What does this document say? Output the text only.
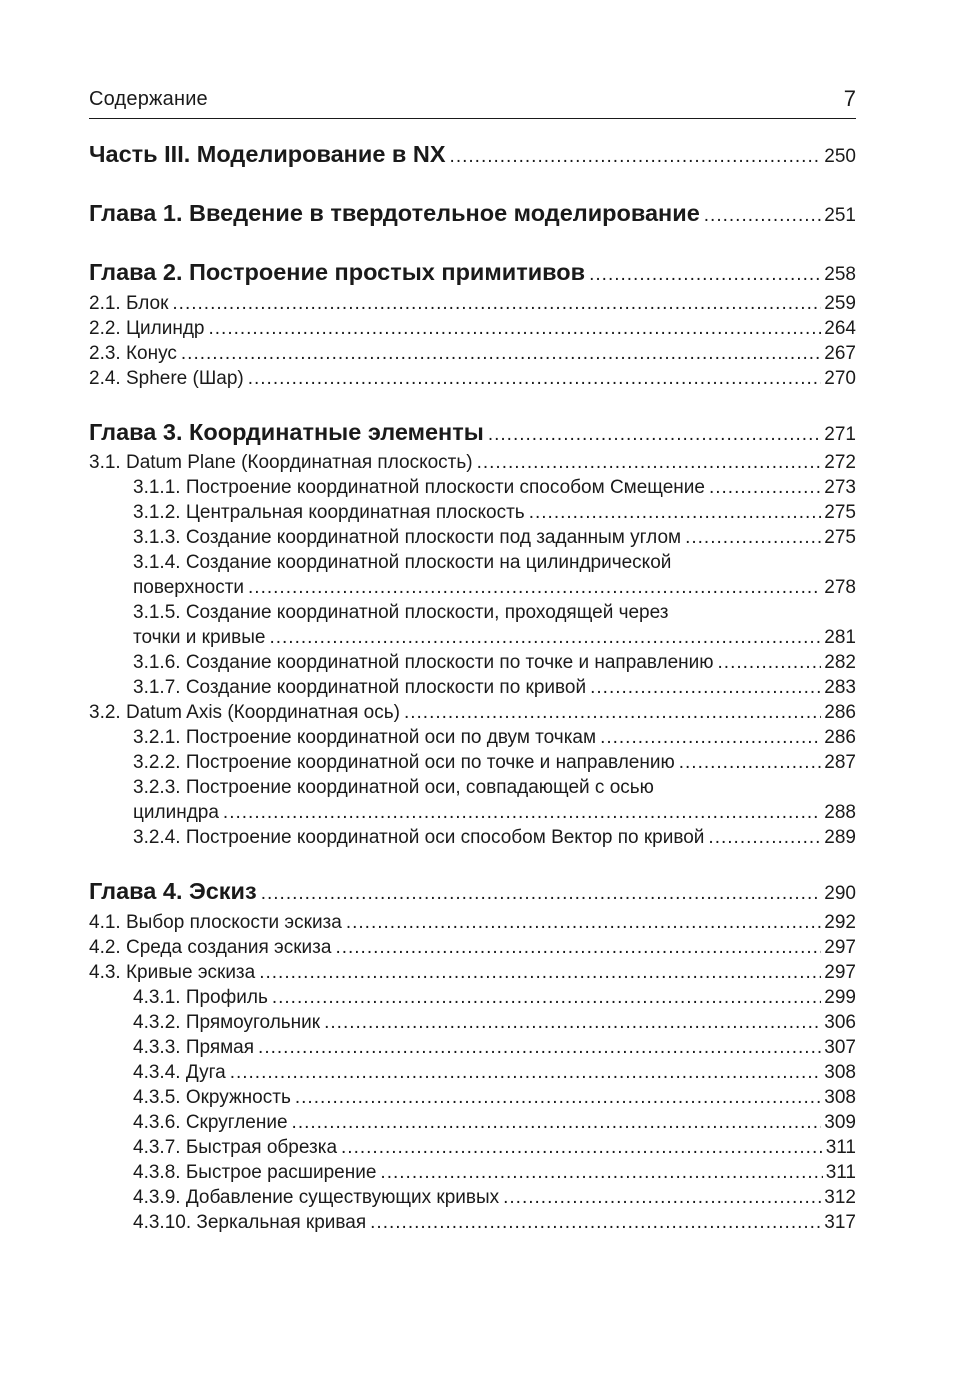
Содержание	7
Часть III. Моделирование в NX .....	250
Глава 1. Введение в твердотельное моделирование .....	251
Глава 2. Построение простых примитивов .....	258
2.1. Блок .....	259
2.2. Цилиндр .....	264
2.3. Конус .....	267
2.4. Sphere (Шар) .....	270
Глава 3. Координатные элементы .....	271
3.1. Datum Plane (Координатная плоскость) .....	272
3.1.1. Построение координатной плоскости способом Смещение .....	273
3.1.2. Центральная координатная плоскость .....	275
3.1.3. Создание координатной плоскости под заданным углом .....	275
3.1.4. Создание координатной плоскости на цилиндрической
поверхности .....	278
3.1.5. Создание координатной плоскости, проходящей через
точки и кривые .....	281
3.1.6. Создание координатной плоскости по точке и направлению .....	282
3.1.7. Создание координатной плоскости по кривой .....	283
3.2. Datum Axis (Координатная ось) .....	286
3.2.1. Построение координатной оси по двум точкам .....	286
3.2.2. Построение координатной оси по точке и направлению .....	287
3.2.3. Построение координатной оси, совпадающей с осью
цилиндра .....	288
3.2.4. Построение координатной оси способом Вектор по кривой .....	289
Глава 4. Эскиз .....	290
4.1. Выбор плоскости эскиза .....	292
4.2. Среда создания эскиза .....	297
4.3. Кривые эскиза .....	297
4.3.1. Профиль .....	299
4.3.2. Прямоугольник .....	306
4.3.3. Прямая .....	307
4.3.4. Дуга .....	308
4.3.5. Окружность .....	308
4.3.6. Скругление .....	309
4.3.7. Быстрая обрезка .....	311
4.3.8. Быстрое расширение .....	311
4.3.9. Добавление существующих кривых .....	312
4.3.10. Зеркальная кривая .....	317
